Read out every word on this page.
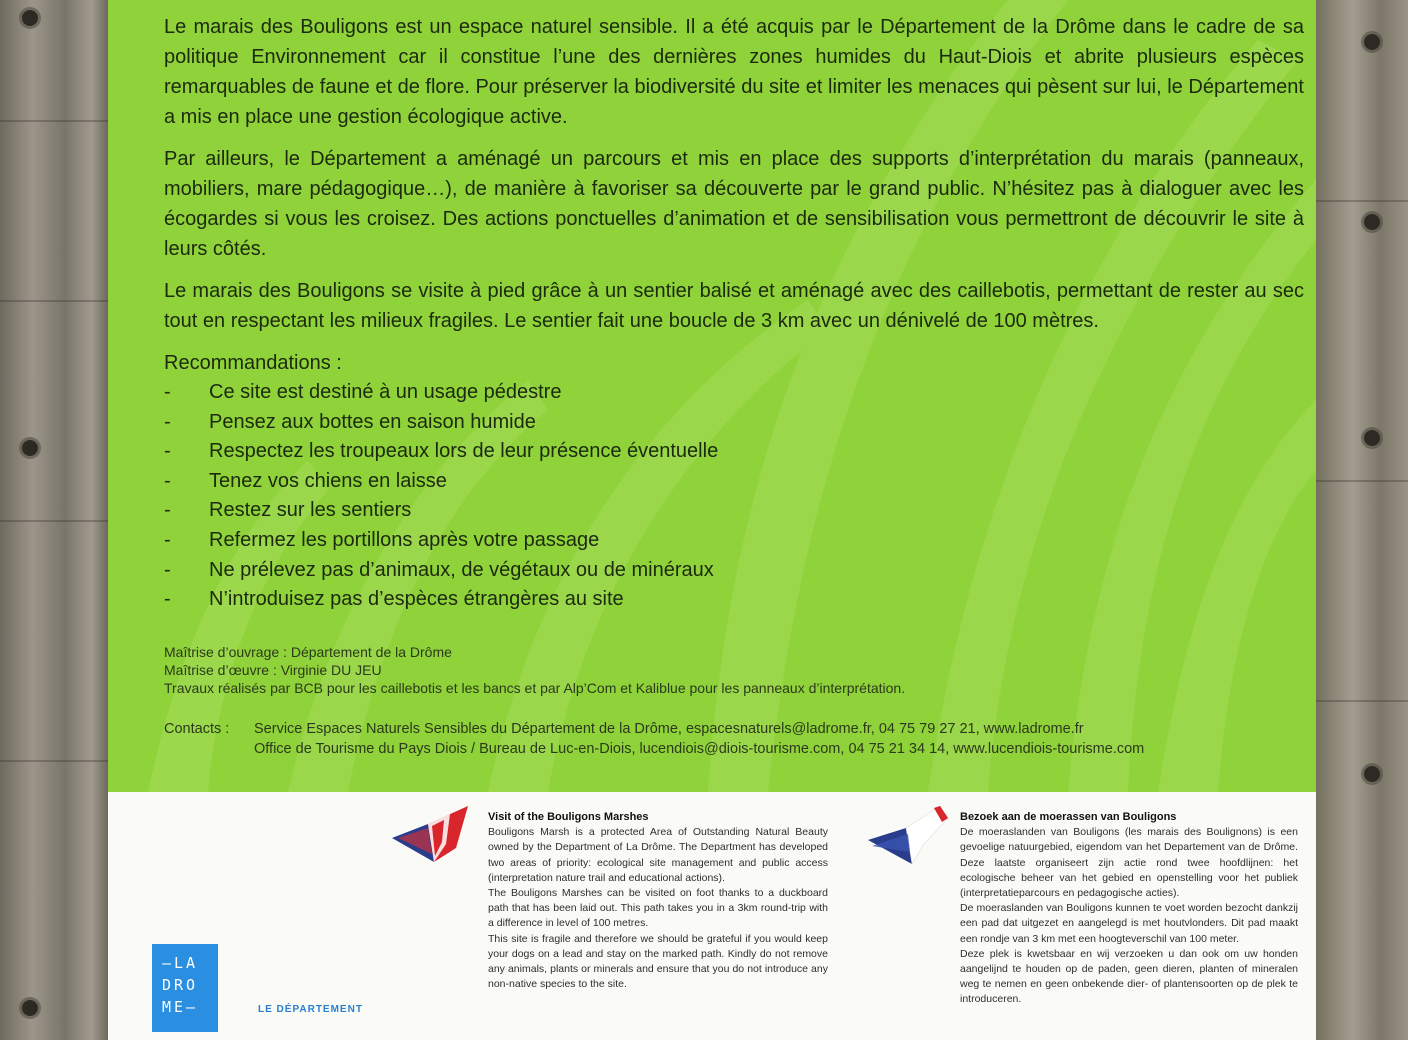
Le marais des Bouligons est un espace naturel sensible. Il a été acquis par le Département de la Drôme dans le cadre de sa politique Environnement car il constitue l’une des dernières zones humides du Haut-Diois et abrite plusieurs espèces remarquables de faune et de flore. Pour préserver la biodiversité du site et limiter les menaces qui pèsent sur lui, le Département a mis en place une gestion écologique active.

Par ailleurs, le Département a aménagé un parcours et mis en place des supports d’interprétation du marais (panneaux, mobiliers, mare pédagogique…), de manière à favoriser sa découverte par le grand public. N’hésitez pas à dialoguer avec les écogardes si vous les croisez. Des actions ponctuelles d’animation et de sensibilisation vous permettront de découvrir le site à leurs côtés.

Le marais des Bouligons se visite à pied grâce à un sentier balisé et aménagé avec des caillebotis, permettant de rester au sec tout en respectant les milieux fragiles. Le sentier fait une boucle de 3 km avec un dénivelé de 100 mètres.

Recommandations :
- Ce site est destiné à un usage pédestre
- Pensez aux bottes en saison humide
- Respectez les troupeaux lors de leur présence éventuelle
- Tenez vos chiens en laisse
- Restez sur les sentiers
- Refermez les portillons après votre passage
- Ne prélevez pas d’animaux, de végétaux ou de minéraux
- N’introduisez pas d’espèces étrangères au site
Maîtrise d’ouvrage : Département de la Drôme
Maîtrise d’œuvre : Virginie DU JEU
Travaux réalisés par BCB pour les caillebotis et les bancs et par Alp’Com et Kaliblue pour les panneaux d’interprétation.
Contacts :	Service Espaces Naturels Sensibles du Département de la Drôme, espacesnaturels@ladrome.fr, 04 75 79 27 21, www.ladrome.fr
Office de Tourisme du Pays Diois / Bureau de Luc-en-Diois, lucendiois@diois-tourisme.com, 04 75 21 34 14, www.lucendiois-tourisme.com
–LA
DRO
ME–	LE DÉPARTEMENT
Visit of the Bouligons Marshes

Bouligons Marsh is a protected Area of Outstanding Natural Beauty owned by the Department of La Drôme. The Department has developed two areas of priority: ecological site management and public access (interpretation nature trail and educational actions).

The Bouligons Marshes can be visited on foot thanks to a duckboard path that has been laid out. This path takes you in a 3km round-trip with a difference in level of 100 metres.

This site is fragile and therefore we should be grateful if you would keep your dogs on a lead and stay on the marked path. Kindly do not remove any animals, plants or minerals and ensure that you do not introduce any non-native species to the site.

Bezoek aan de moerassen van Bouligons

De moeraslanden van Bouligons (les marais des Boulignons) is een gevoelige natuurgebied, eigendom van het Departement van de Drôme. Deze laatste organiseert zijn actie rond twee hoofdlijnen: het ecologische beheer van het gebied en openstelling voor het publiek (interpretatieparcours en pedagogische acties).

De moeraslanden van Bouligons kunnen te voet worden bezocht dankzij een pad dat uitgezet en aangelegd is met houtvlonders. Dit pad maakt een rondje van 3 km met een hoogteverschil van 100 meter.

Deze plek is kwetsbaar en wij verzoeken u dan ook om uw honden aangelijnd te houden op de paden, geen dieren, planten of mineralen weg te nemen en geen onbekende dier- of plantensoorten op de plek te introduceren.
